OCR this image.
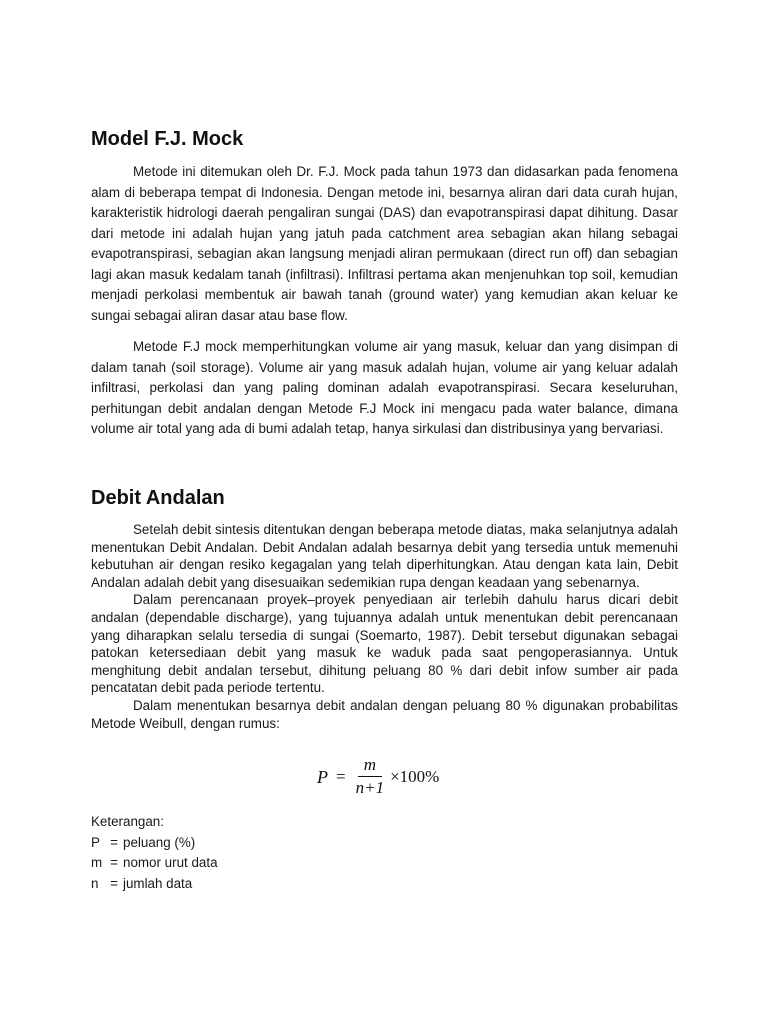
Model F.J. Mock

Metode ini ditemukan oleh Dr. F.J. Mock pada tahun 1973 dan didasarkan pada fenomena alam di beberapa tempat di Indonesia. Dengan metode ini, besarnya aliran dari data curah hujan, karakteristik hidrologi daerah pengaliran sungai (DAS) dan evapotranspirasi dapat dihitung. Dasar dari metode ini adalah hujan yang jatuh pada catchment area sebagian akan hilang sebagai evapotranspirasi, sebagian akan langsung menjadi aliran permukaan (direct run off) dan sebagian lagi akan masuk kedalam tanah (infiltrasi). Infiltrasi pertama akan menjenuhkan top soil, kemudian menjadi perkolasi membentuk air bawah tanah (ground water) yang kemudian akan keluar ke sungai sebagai aliran dasar atau base flow.

Metode F.J mock memperhitungkan volume air yang masuk, keluar dan yang disimpan di dalam tanah (soil storage). Volume air yang masuk adalah hujan, volume air yang keluar adalah infiltrasi, perkolasi dan yang paling dominan adalah evapotranspirasi. Secara keseluruhan, perhitungan debit andalan dengan Metode F.J Mock ini mengacu pada water balance, dimana volume air total yang ada di bumi adalah tetap, hanya sirkulasi dan distribusinya yang bervariasi.

Debit Andalan

Setelah debit sintesis ditentukan dengan beberapa metode diatas, maka selanjutnya adalah menentukan Debit Andalan. Debit Andalan adalah besarnya debit yang tersedia untuk memenuhi kebutuhan air dengan resiko kegagalan yang telah diperhitungkan. Atau dengan kata lain, Debit Andalan adalah debit yang disesuaikan sedemikian rupa dengan keadaan yang sebenarnya.

Dalam perencanaan proyek–proyek penyediaan air terlebih dahulu harus dicari debit andalan (dependable discharge), yang tujuannya adalah untuk menentukan debit perencanaan yang diharapkan selalu tersedia di sungai (Soemarto, 1987). Debit tersebut digunakan sebagai patokan ketersediaan debit yang masuk ke waduk pada saat pengoperasiannya. Untuk menghitung debit andalan tersebut, dihitung peluang 80 % dari debit infow sumber air pada pencatatan debit pada periode tertentu.

Dalam menentukan besarnya debit andalan dengan peluang 80 % digunakan probabilitas Metode Weibull, dengan rumus:

$P = \frac{m}{n+1} \times 100\%$
Keterangan:
P = peluang (%)
m = nomor urut data
n = jumlah data
